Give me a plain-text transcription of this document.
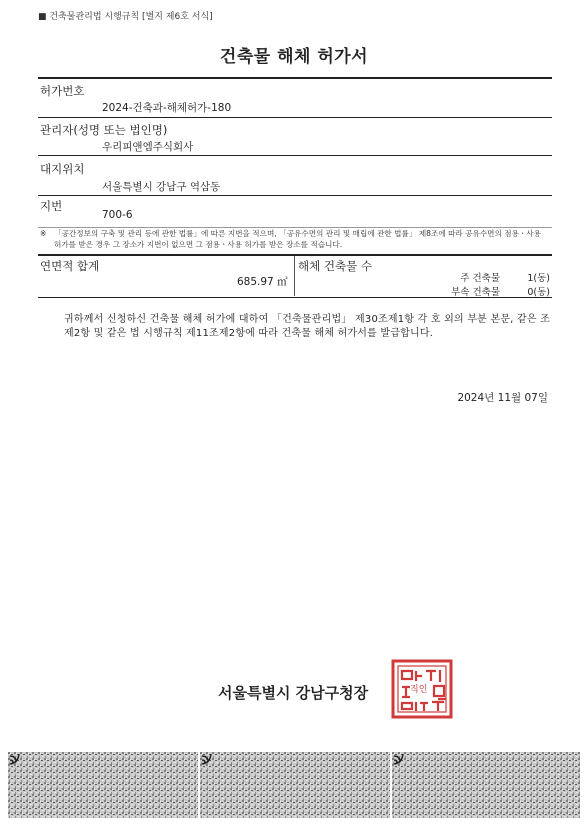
■ 건축물관리법 시행규칙 [별지 제6호 서식]
건축물 해체 허가서
허가번호
2024-건축과-해체허가-180
관리자(성명 또는 법인명)
우리피앤엠주식회사
대지위치
서울특별시 강남구 역삼동
지번
700-6
※	「공간정보의 구축 및 관리 등에 관한 법률」에 따른 지번을 적으며, 「공유수면의 관리 및 매립에 관한 법률」 제8조에 따라 공유수면의 점용ㆍ사용 허가를 받은 경우 그 장소가 지번이 없으면 그 점용ㆍ사용 허가를 받은 장소를 적습니다.
연면적 합계
685.97 ㎡
해체 건축물 수
주 건축물	1(동)
부속 건축물	0(동)
귀하께서 신청하신 건축물 해체 허가에 대하여 「건축물관리법」 제30조제1항 각 호 외의 부분 본문, 같은 조 제2항 및 같은 법 시행규칙 제11조제2항에 따라 건축물 해체 허가서를 발급합니다.
2024년 11월 07일
서울특별시 강남구청장	직인
